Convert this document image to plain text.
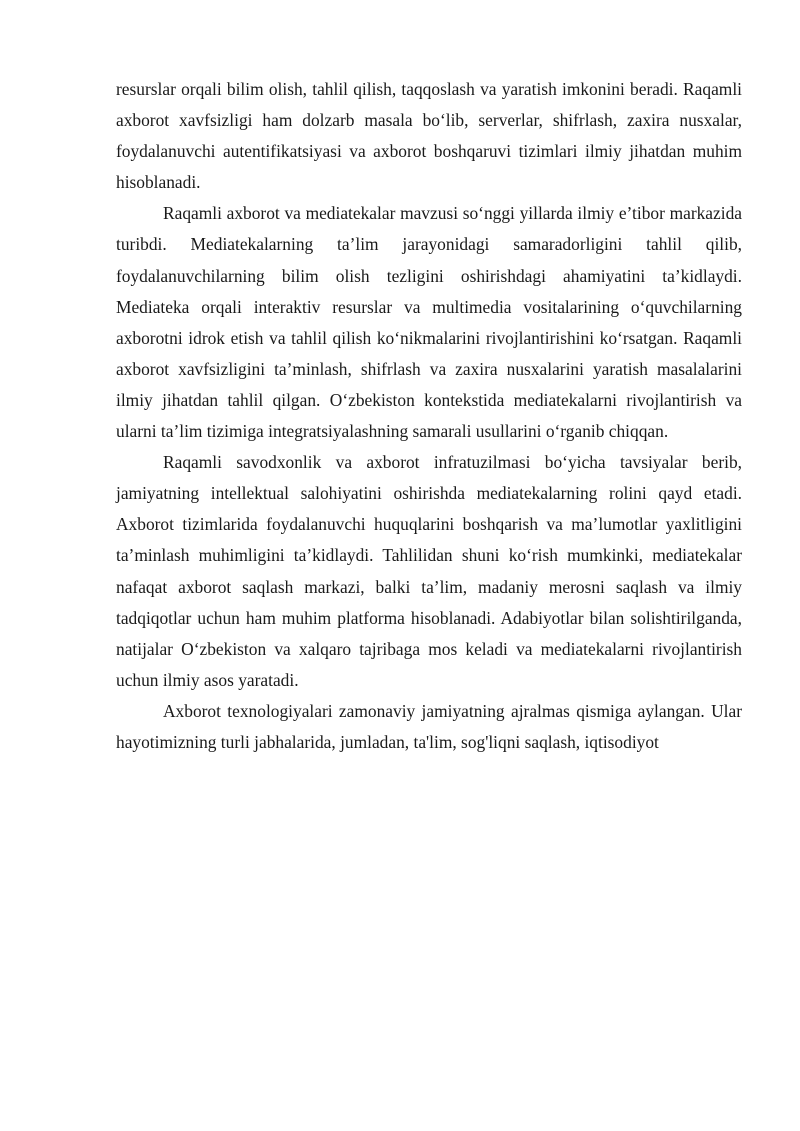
resurslar orqali bilim olish, tahlil qilish, taqqoslash va yaratish imkonini beradi. Raqamli axborot xavfsizligi ham dolzarb masala bo‘lib, serverlar, shifrlash, zaxira nusxalar, foydalanuvchi autentifikatsiyasi va axborot boshqaruvi tizimlari ilmiy jihatdan muhim hisoblanadi.

Raqamli axborot va mediatekalar mavzusi so‘nggi yillarda ilmiy e’tibor markazida turibdi. Mediatekalarning ta’lim jarayonidagi samaradorligini tahlil qilib, foydalanuvchilarning bilim olish tezligini oshirishdagi ahamiyatini ta’kidlaydi. Mediateka orqali interaktiv resurslar va multimedia vositalarining o‘quvchilarning axborotni idrok etish va tahlil qilish ko‘nikmalarini rivojlantirishini ko‘rsatgan. Raqamli axborot xavfsizligini ta’minlash, shifrlash va zaxira nusxalarini yaratish masalalarini ilmiy jihatdan tahlil qilgan. O‘zbekiston kontekstida mediatekalarni rivojlantirish va ularni ta’lim tizimiga integratsiyalashning samarali usullarini o‘rganib chiqqan.

Raqamli savodxonlik va axborot infratuzilmasi bo‘yicha tavsiyalar berib, jamiyatning intellektual salohiyatini oshirishda mediatekalarning rolini qayd etadi. Axborot tizimlarida foydalanuvchi huquqlarini boshqarish va ma’lumotlar yaxlitligini ta’minlash muhimligini ta’kidlaydi. Tahlilidan shuni ko‘rish mumkinki, mediatekalar nafaqat axborot saqlash markazi, balki ta’lim, madaniy merosni saqlash va ilmiy tadqiqotlar uchun ham muhim platforma hisoblanadi. Adabiyotlar bilan solishtirilganda, natijalar O‘zbekiston va xalqaro tajribaga mos keladi va mediatekalarni rivojlantirish uchun ilmiy asos yaratadi.

Axborot texnologiyalari zamonaviy jamiyatning ajralmas qismiga aylangan. Ular hayotimizning turli jabhalarida, jumladan, ta'lim, sog'liqni saqlash, iqtisodiyot
